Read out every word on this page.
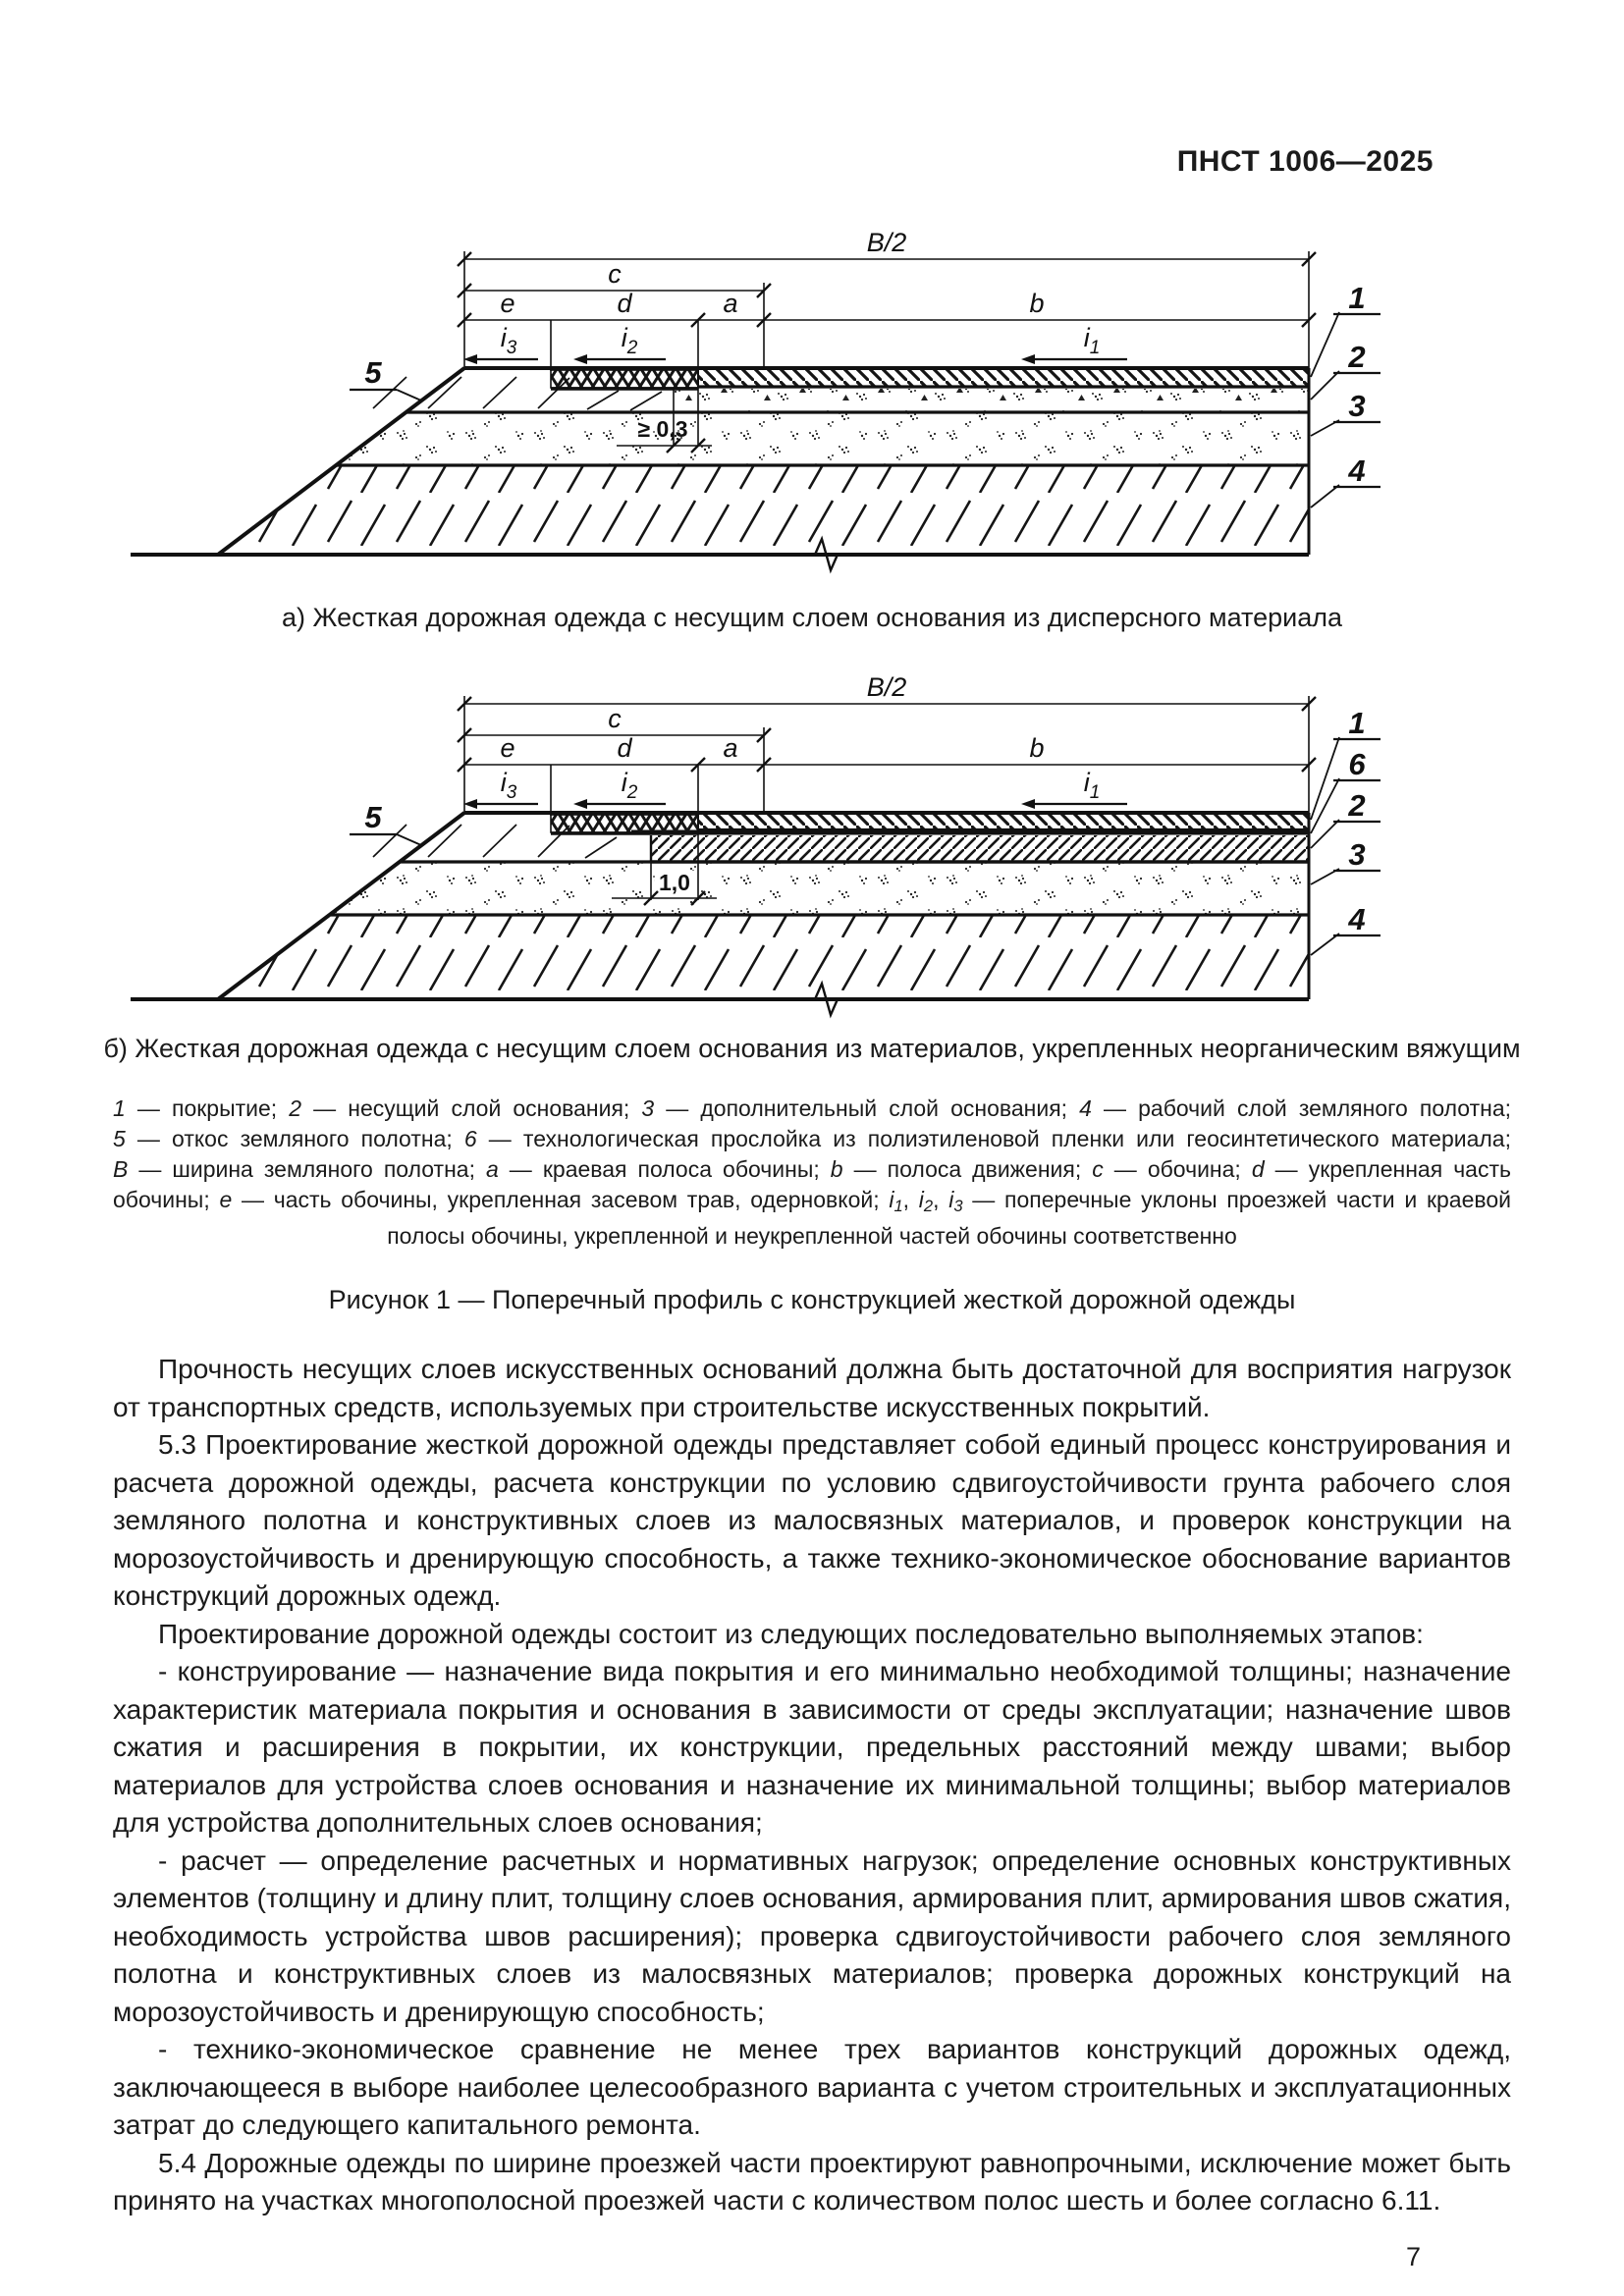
ПНСТ 1006—2025
B/2
c
e	d	a	b
$i_3$	$i_2$	$i_1$
≥ 0,3
1
2
3
4
5
а) Жесткая дорожная одежда с несущим слоем основания из дисперсного материала
B/2
c
e	d	a	b
$i_3$	$i_2$	$i_1$
1,0
1
6
2
3
4
5
б) Жесткая дорожная одежда с несущим слоем основания из материалов, укрепленных неорганическим вяжущим
1 — покрытие; 2 — несущий слой основания; 3 — дополнительный слой основания; 4 — рабочий слой земляного полотна;
5 — откос земляного полотна; 6 — технологическая прослойка из полиэтиленовой пленки или геосинтетического материала;
В — ширина земляного полотна; a — краевая полоса обочины; b — полоса движения; c — обочина; d — укрепленная часть
обочины; e — часть обочины, укрепленная засевом трав, одерновкой; i1, i2, i3 — поперечные уклоны проезжей части и краевой
полосы обочины, укрепленной и неукрепленной частей обочины соответственно
Рисунок 1 — Поперечный профиль с конструкцией жесткой дорожной одежды

Прочность несущих слоев искусственных оснований должна быть достаточной для восприятия нагрузок от транспортных средств, используемых при строительстве искусственных покрытий.

5.3 Проектирование жесткой дорожной одежды представляет собой единый процесс конструирования и расчета дорожной одежды, расчета конструкции по условию сдвигоустойчивости грунта рабочего слоя земляного полотна и конструктивных слоев из малосвязных материалов, и проверок конструкции на морозоустойчивость и дренирующую способность, а также технико-экономическое обоснование вариантов конструкций дорожных одежд.

Проектирование дорожной одежды состоит из следующих последовательно выполняемых этапов:

- конструирование — назначение вида покрытия и его минимально необходимой толщины; назначение характеристик материала покрытия и основания в зависимости от среды эксплуатации; назначение швов сжатия и расширения в покрытии, их конструкции, предельных расстояний между швами; выбор материалов для устройства слоев основания и назначение их минимальной толщины; выбор материалов для устройства дополнительных слоев основания;

- расчет — определение расчетных и нормативных нагрузок; определение основных конструктивных элементов (толщину и длину плит, толщину слоев основания, армирования плит, армирования швов сжатия, необходимость устройства швов расширения); проверка сдвигоустойчивости рабочего слоя земляного полотна и конструктивных слоев из малосвязных материалов; проверка дорожных конструкций на морозоустойчивость и дренирующую способность;

- технико-экономическое сравнение не менее трех вариантов конструкций дорожных одежд, заключающееся в выборе наиболее целесообразного варианта с учетом строительных и эксплуатационных затрат до следующего капитального ремонта.

5.4 Дорожные одежды по ширине проезжей части проектируют равнопрочными, исключение может быть принято на участках многополосной проезжей части с количеством полос шесть и более согласно 6.11.

7
